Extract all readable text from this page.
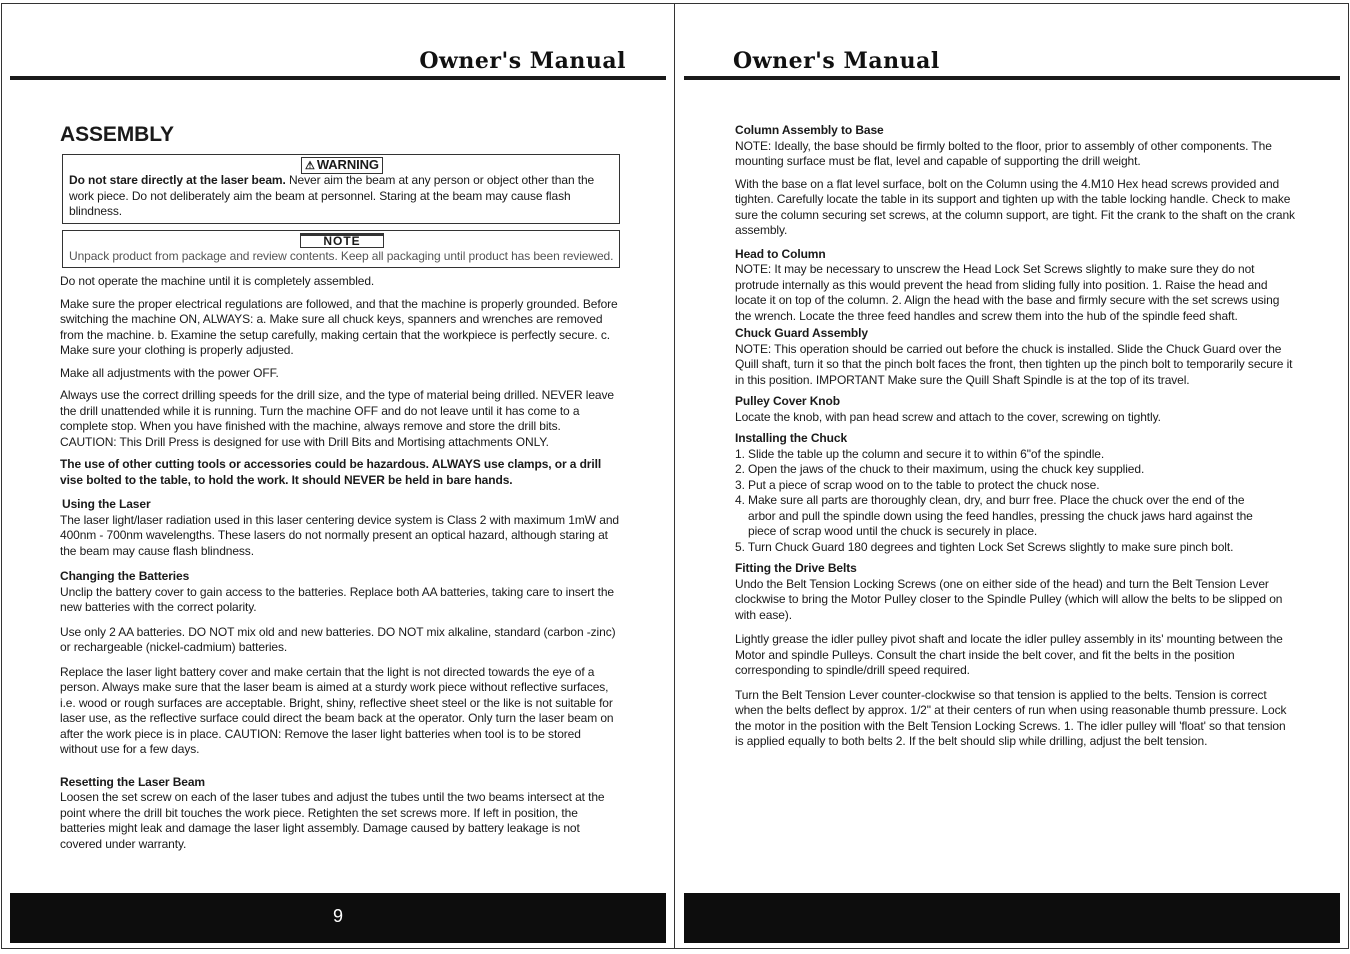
Owner's Manual
ASSEMBLY
⚠ WARNING
Do not stare directly at the laser beam. Never aim the beam at any person or object other than the work piece. Do not deliberately aim the beam at personnel. Staring at the beam may cause flash blindness.
NOTE
Unpack product from package and review contents. Keep all packaging until product has been reviewed.

Do not operate the machine until it is completely assembled.

Make sure the proper electrical regulations are followed, and that the machine is properly grounded. Before switching the machine ON, ALWAYS: a. Make sure all chuck keys, spanners and wrenches are removed from the machine. b. Examine the setup carefully, making certain that the workpiece is perfectly secure. c. Make sure your clothing is properly adjusted.

Make all adjustments with the power OFF.

Always use the correct drilling speeds for the drill size, and the type of material being drilled. NEVER leave the drill unattended while it is running. Turn the machine OFF and do not leave until it has come to a complete stop. When you have finished with the machine, always remove and store the drill bits. CAUTION: This Drill Press is designed for use with Drill Bits and Mortising attachments ONLY.

The use of other cutting tools or accessories could be hazardous. ALWAYS use clamps, or a drill vise bolted to the table, to hold the work. It should NEVER be held in bare hands.

Using the Laser

The laser light/laser radiation used in this laser centering device system is Class 2 with maximum 1mW and 400nm - 700nm wavelengths. These lasers do not normally present an optical hazard, although staring at the beam may cause flash blindness.

Changing the Batteries

Unclip the battery cover to gain access to the batteries. Replace both AA batteries, taking care to insert the new batteries with the correct polarity.

Use only 2 AA batteries. DO NOT mix old and new batteries. DO NOT mix alkaline, standard (carbon -zinc) or rechargeable (nickel-cadmium) batteries.

Replace the laser light battery cover and make certain that the light is not directed towards the eye of a person. Always make sure that the laser beam is aimed at a sturdy work piece without reflective surfaces, i.e. wood or rough surfaces are acceptable. Bright, shiny, reflective sheet steel or the like is not suitable for laser use, as the reflective surface could direct the beam back at the operator. Only turn the laser beam on after the work piece is in place. CAUTION: Remove the laser light batteries when tool is to be stored without use for a few days.

Resetting the Laser Beam

Loosen the set screw on each of the laser tubes and adjust the tubes until the two beams intersect at the point where the drill bit touches the work piece. Retighten the set screws more. If left in position, the batteries might leak and damage the laser light assembly. Damage caused by battery leakage is not covered under warranty.

9
Owner's Manual
Column Assembly to Base

NOTE: Ideally, the base should be firmly bolted to the floor, prior to assembly of other components. The mounting surface must be flat, level and capable of supporting the drill weight.

With the base on a flat level surface, bolt on the Column using the 4.M10 Hex head screws provided and tighten. Carefully locate the table in its support and tighten up with the table locking handle. Check to make sure the column securing set screws, at the column support, are tight. Fit the crank to the shaft on the crank assembly.

Head to Column

NOTE: It may be necessary to unscrew the Head Lock Set Screws slightly to make sure they do not protrude internally as this would prevent the head from sliding fully into position. 1. Raise the head and locate it on top of the column. 2. Align the head with the base and firmly secure with the set screws using the wrench. Locate the three feed handles and screw them into the hub of the spindle feed shaft.

Chuck Guard Assembly

NOTE: This operation should be carried out before the chuck is installed. Slide the Chuck Guard over the Quill shaft, turn it so that the pinch bolt faces the front, then tighten up the pinch bolt to temporarily secure it in this position. IMPORTANT Make sure the Quill Shaft Spindle is at the top of its travel.

Pulley Cover Knob

Locate the knob, with pan head screw and attach to the cover, screwing on tightly.

Installing the Chuck
1. Slide the table up the column and secure it to within 6"of the spindle.
2. Open the jaws of the chuck to their maximum, using the chuck key supplied.
3. Put a piece of scrap wood on to the table to protect the chuck nose.
4. Make sure all parts are thoroughly clean, dry, and burr free. Place the chuck over the end of the
arbor and pull the spindle down using the feed handles, pressing the chuck jaws hard against the
piece of scrap wood until the chuck is securely in place.
5. Turn Chuck Guard 180 degrees and tighten Lock Set Screws slightly to make sure pinch bolt.
Fitting the Drive Belts

Undo the Belt Tension Locking Screws (one on either side of the head) and turn the Belt Tension Lever clockwise to bring the Motor Pulley closer to the Spindle Pulley (which will allow the belts to be slipped on with ease).

Lightly grease the idler pulley pivot shaft and locate the idler pulley assembly in its' mounting between the Motor and spindle Pulleys. Consult the chart inside the belt cover, and fit the belts in the position corresponding to spindle/drill speed required.

Turn the Belt Tension Lever counter-clockwise so that tension is applied to the belts. Tension is correct when the belts deflect by approx. 1/2" at their centers of run when using reasonable thumb pressure. Lock the motor in the position with the Belt Tension Locking Screws. 1. The idler pulley will 'float' so that tension is applied equally to both belts 2. If the belt should slip while drilling, adjust the belt tension.
